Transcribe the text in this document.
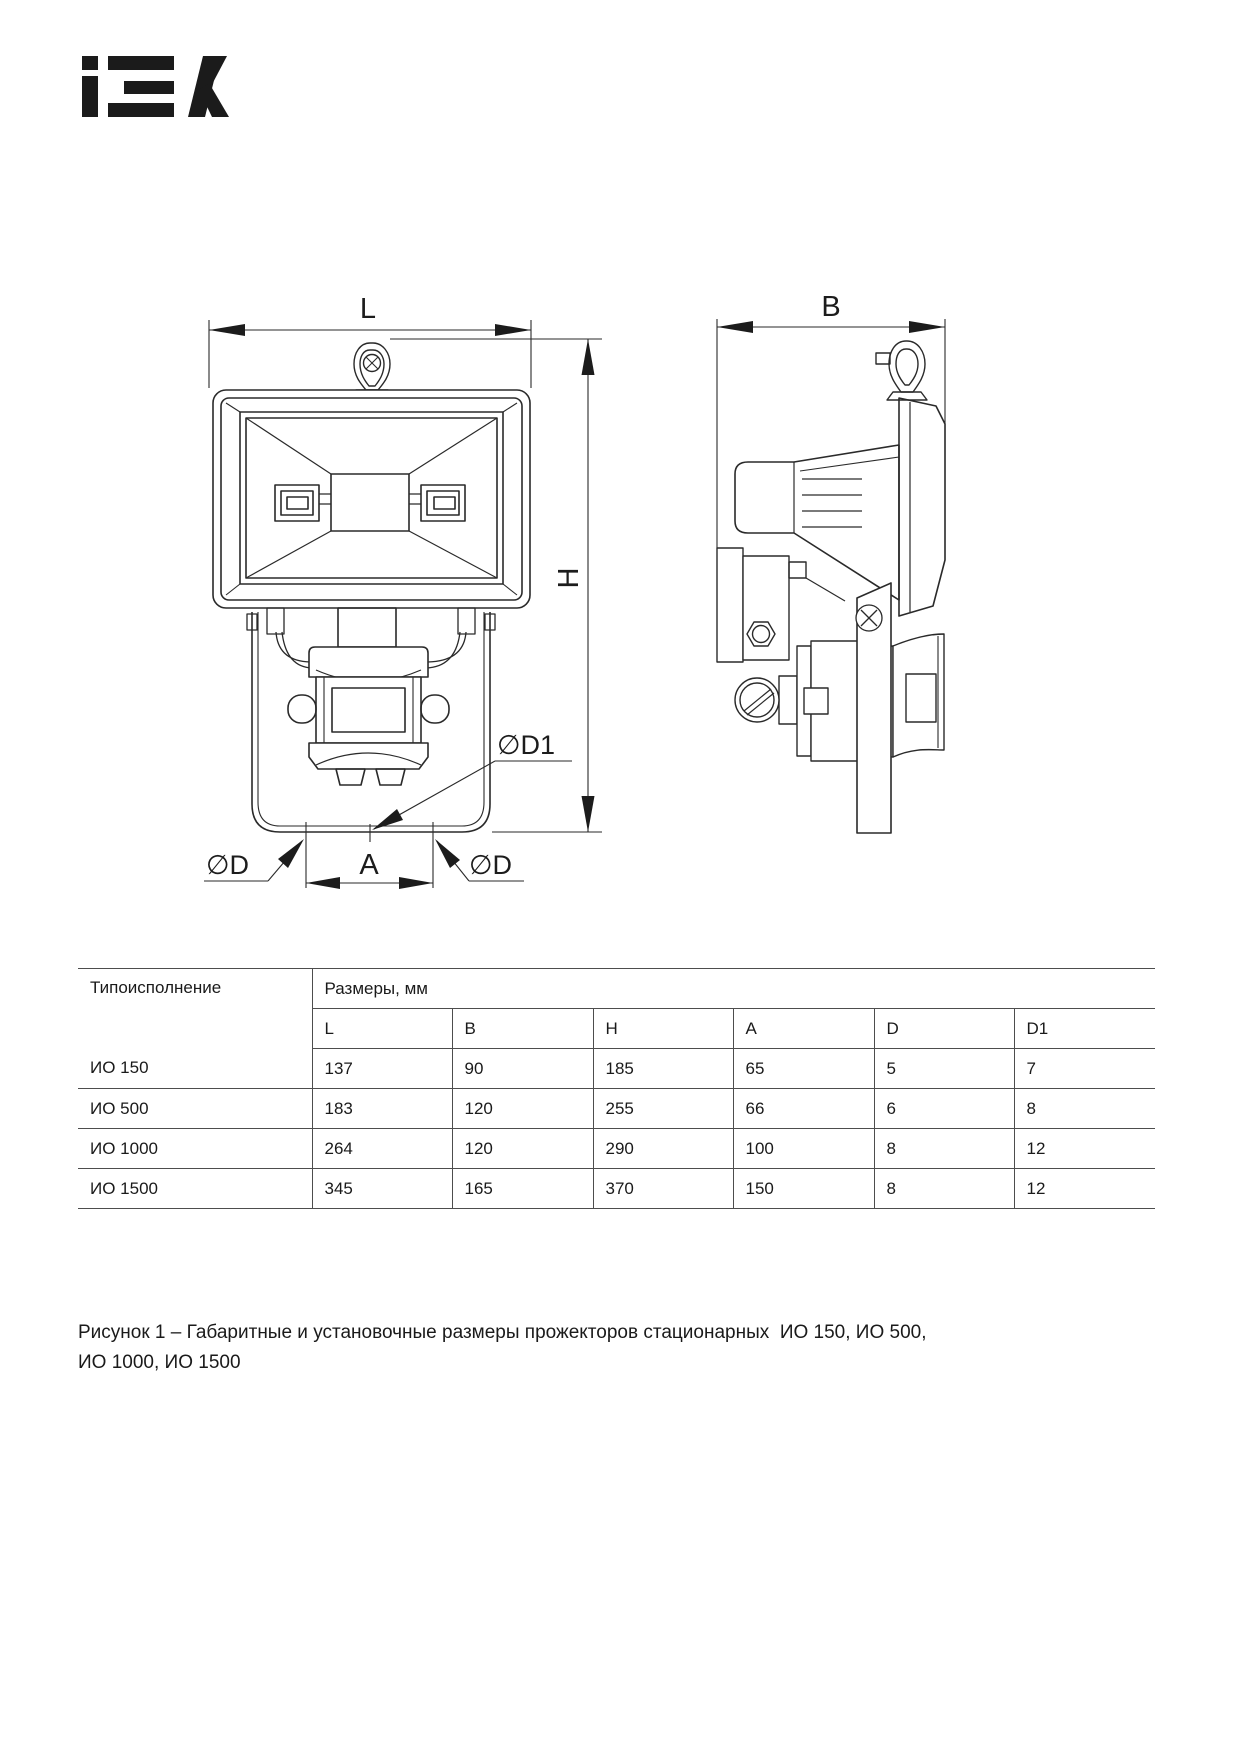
L
H
A
∅D1
∅D	∅D
B
Типоисполнение	Размеры, мм					
	L	B	H	A	D	D1
ИО 150	137	90	185	65	5	7
ИО 500	183	120	255	66	6	8
ИО 1000	264	120	290	100	8	12
ИО 1500	345	165	370	150	8	12
Рисунок 1 – Габаритные и установочные размеры прожекторов стационарных  ИО 150, ИО 500,
ИО 1000, ИО 1500
